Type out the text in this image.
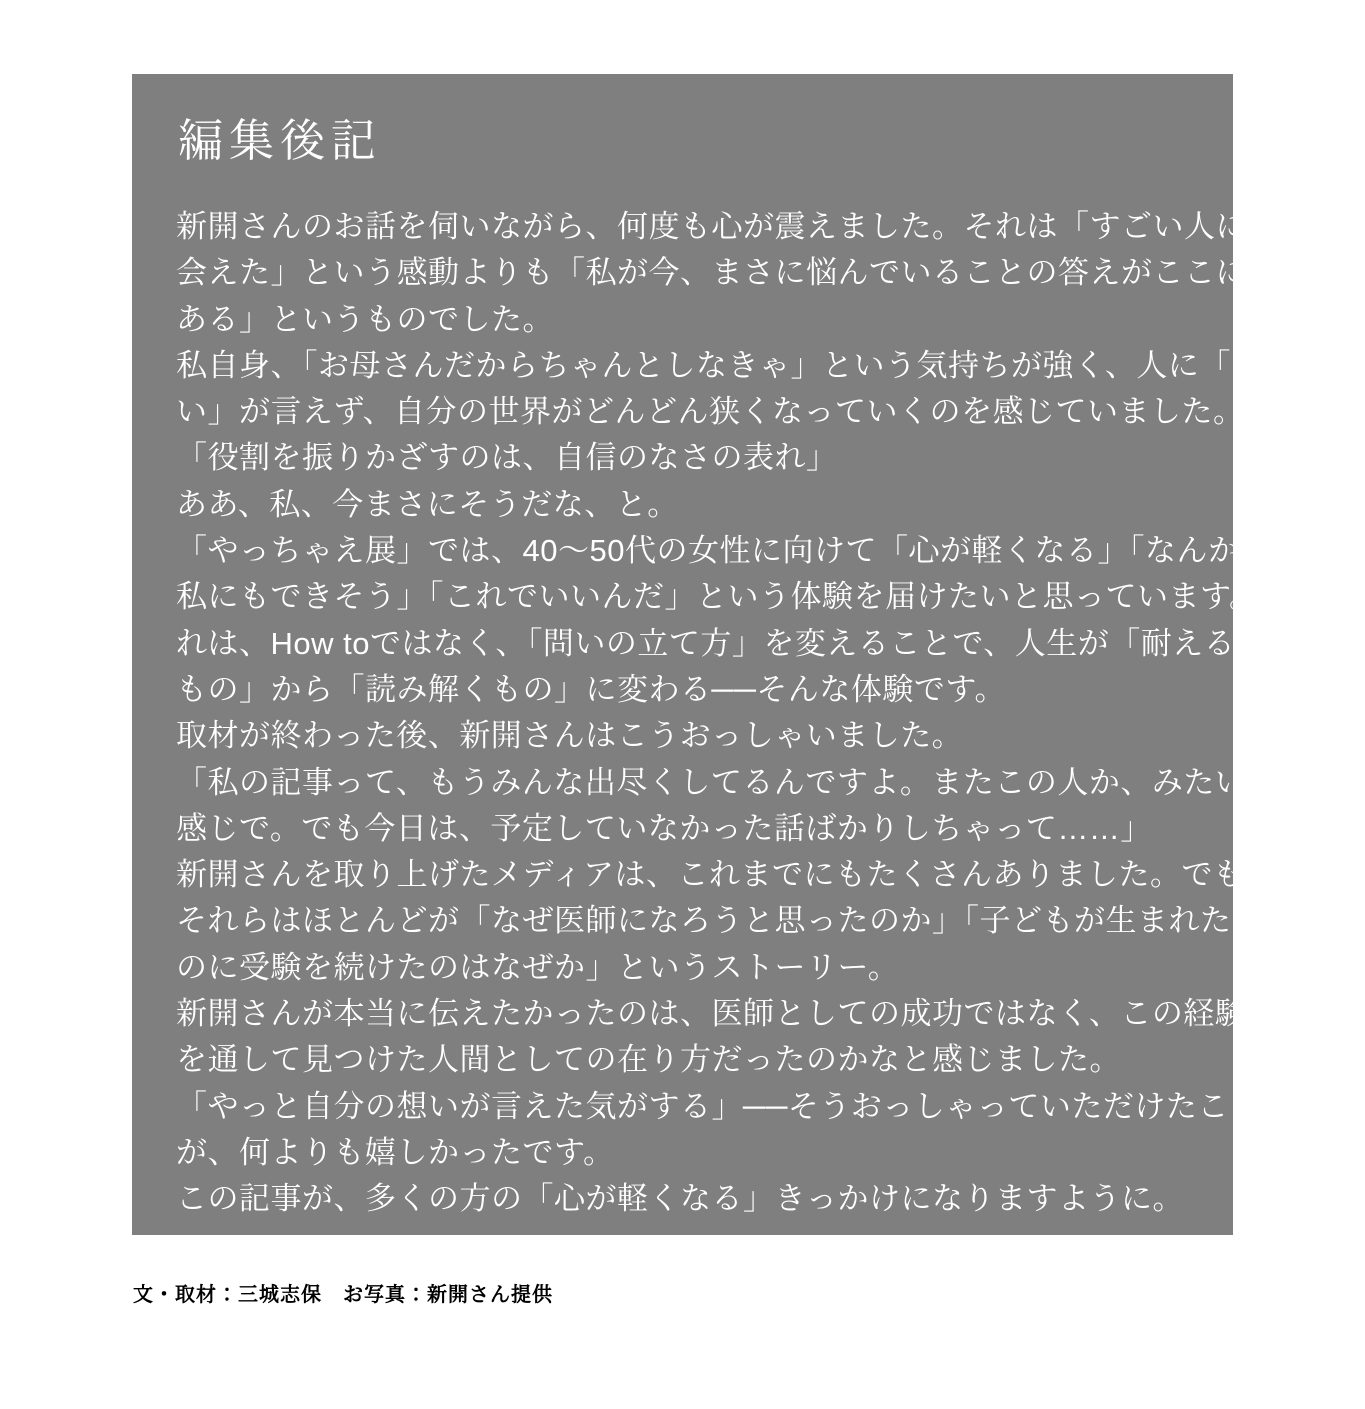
編集後記

新開さんのお話を伺いながら、何度も心が震えました。それは「すごい人に

会えた」という感動よりも「私が今、まさに悩んでいることの答えがここに

ある」というものでした。

私自身、「お母さんだからちゃんとしなきゃ」という気持ちが強く、人に「お願

い」が言えず、自分の世界がどんどん狭くなっていくのを感じていました。

「役割を振りかざすのは、自信のなさの表れ」

ああ、私、今まさにそうだな、と。

「やっちゃえ展」では、40〜50代の女性に向けて「心が軽くなる」「なんか

私にもできそう」「これでいいんだ」という体験を届けたいと思っています。そ

れは、How toではなく、「問いの立て方」を変えることで、人生が「耐える

もの」から「読み解くもの」に変わる──そんな体験です。

取材が終わった後、新開さんはこうおっしゃいました。

「私の記事って、もうみんな出尽くしてるんですよ。またこの人か、みたいな

感じで。でも今日は、予定していなかった話ばかりしちゃって……」

新開さんを取り上げたメディアは、これまでにもたくさんありました。でも、

それらはほとんどが「なぜ医師になろうと思ったのか」「子どもが生まれた

のに受験を続けたのはなぜか」というストーリー。

新開さんが本当に伝えたかったのは、医師としての成功ではなく、この経験

を通して見つけた人間としての在り方だったのかなと感じました。

「やっと自分の想いが言えた気がする」──そうおっしゃっていただけたこと

が、何よりも嬉しかったです。

この記事が、多くの方の「心が軽くなる」きっかけになりますように。

文・取材：三城志保　お写真：新開さん提供
